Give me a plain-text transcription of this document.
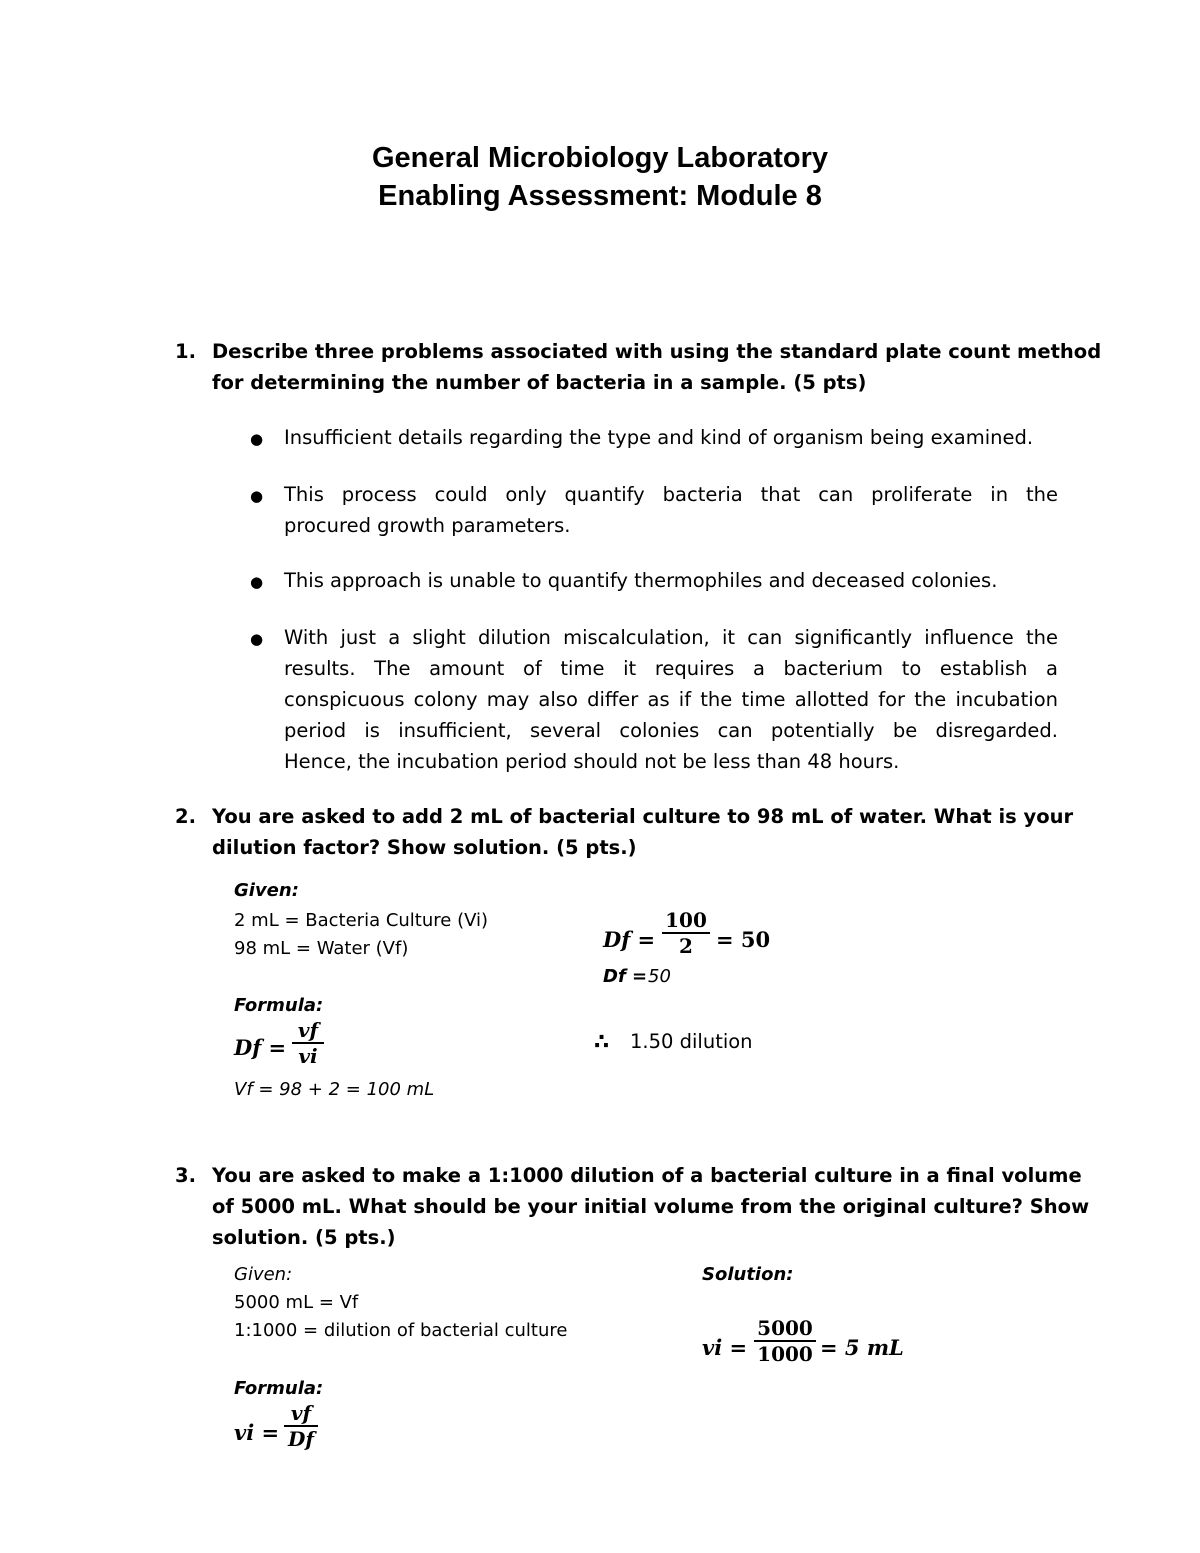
General Microbiology Laboratory
Enabling Assessment: Module 8
1. Describe three problems associated with using the standard plate count method
for determining the number of bacteria in a sample. (5 pts)
● Insufficient details regarding the type and kind of organism being examined.
● This process could only quantify bacteria that can proliferate in the
procured growth parameters.
● This approach is unable to quantify thermophiles and deceased colonies.
● With just a slight dilution miscalculation, it can significantly influence the
results. The amount of time it requires a bacterium to establish a
conspicuous colony may also differ as if the time allotted for the incubation
period is insufficient, several colonies can potentially be disregarded.
Hence, the incubation period should not be less than 48 hours.
2. You are asked to add 2 mL of bacterial culture to 98 mL of water. What is your
dilution factor? Show solution. (5 pts.)
Given:
2 mL = Bacteria Culture (Vi)
98 mL = Water (Vf)
Formula:
Df =
vf
vi
Vf = 98 + 2 = 100 mL
Df =
100
2 = 50
Df = 50
∴ 1.50 dilution
3. You are asked to make a 1:1000 dilution of a bacterial culture in a final volume
of 5000 mL. What should be your initial volume from the original culture? Show
solution. (5 pts.)
Given:
5000 mL = Vf
1:1000 = dilution of bacterial culture
Formula:
vi =
vf
Df
Solution:
vi =
5000
1000 = 5 mL
